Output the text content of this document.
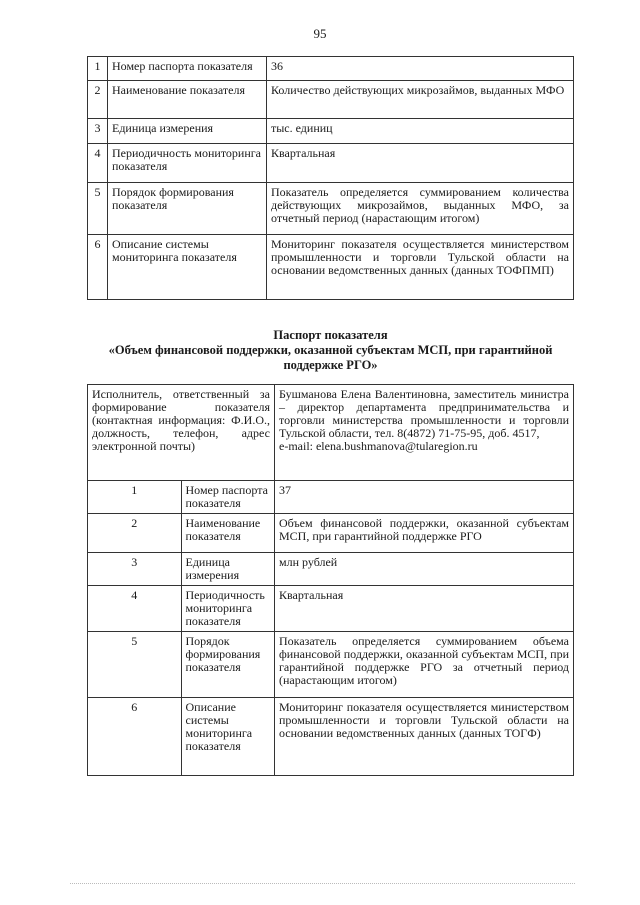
95
1	Номер паспорта показателя	36
2	Наименование показателя	Количество действующих микрозаймов, выданных МФО
3	Единица измерения	тыс. единиц
4	Периодичность мониторинга показателя	Квартальная
5	Порядок формирования показателя	Показатель определяется суммированием количества действующих микрозаймов, выданных МФО, за отчетный период (нарастающим итогом)
6	Описание системы мониторинга показателя	Мониторинг показателя осуществляется министерством промышленности и торговли Тульской области на основании ведомственных данных (данных ТОФПМП)
Паспорт показателя
«Объем финансовой поддержки, оказанной субъектам МСП, при гарантийной поддержке РГО»
Исполнитель, ответственный за формирование показателя (контактная информация: Ф.И.О., должность, телефон, адрес электронной почты)		Бушманова Елена Валентиновна, заместитель министра – директор департамента предпринимательства и торговли министерства промышленности и торговли Тульской области, тел. 8(4872) 71-75-95, доб. 4517,
e-mail: elena.bushmanova@tularegion.ru
1	Номер паспорта показателя	37
2	Наименование показателя	Объем финансовой поддержки, оказанной субъектам МСП, при гарантийной поддержке РГО
3	Единица измерения	млн рублей
4	Периодичность мониторинга показателя	Квартальная
5	Порядок формирования показателя	Показатель определяется суммированием объема финансовой поддержки, оказанной субъектам МСП, при гарантийной поддержке РГО за отчетный период (нарастающим итогом)
6	Описание системы мониторинга показателя	Мониторинг показателя осуществляется министерством промышленности и торговли Тульской области на основании ведомственных данных (данных ТОГФ)
